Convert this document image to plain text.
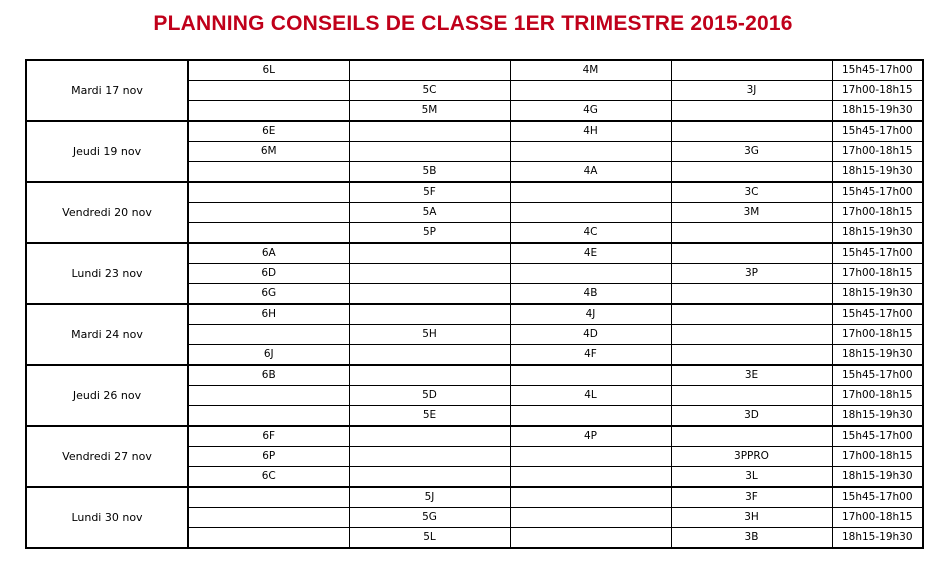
PLANNING CONSEILS DE CLASSE 1ER TRIMESTRE 2015-2016
Mardi 17 nov	6L		4M		15h45-17h00
		5C		3J	17h00-18h15
		5M	4G		18h15-19h30
Jeudi 19 nov	6E		4H		15h45-17h00
	6M			3G	17h00-18h15
		5B	4A		18h15-19h30
Vendredi 20 nov		5F		3C	15h45-17h00
		5A		3M	17h00-18h15
		5P	4C		18h15-19h30
Lundi 23 nov	6A		4E		15h45-17h00
	6D			3P	17h00-18h15
	6G		4B		18h15-19h30
Mardi 24 nov	6H		4J		15h45-17h00
		5H	4D		17h00-18h15
	6J		4F		18h15-19h30
Jeudi 26 nov	6B			3E	15h45-17h00
		5D	4L		17h00-18h15
		5E		3D	18h15-19h30
Vendredi 27 nov	6F		4P		15h45-17h00
	6P			3PPRO	17h00-18h15
	6C			3L	18h15-19h30
Lundi 30 nov		5J		3F	15h45-17h00
		5G		3H	17h00-18h15
		5L		3B	18h15-19h30
